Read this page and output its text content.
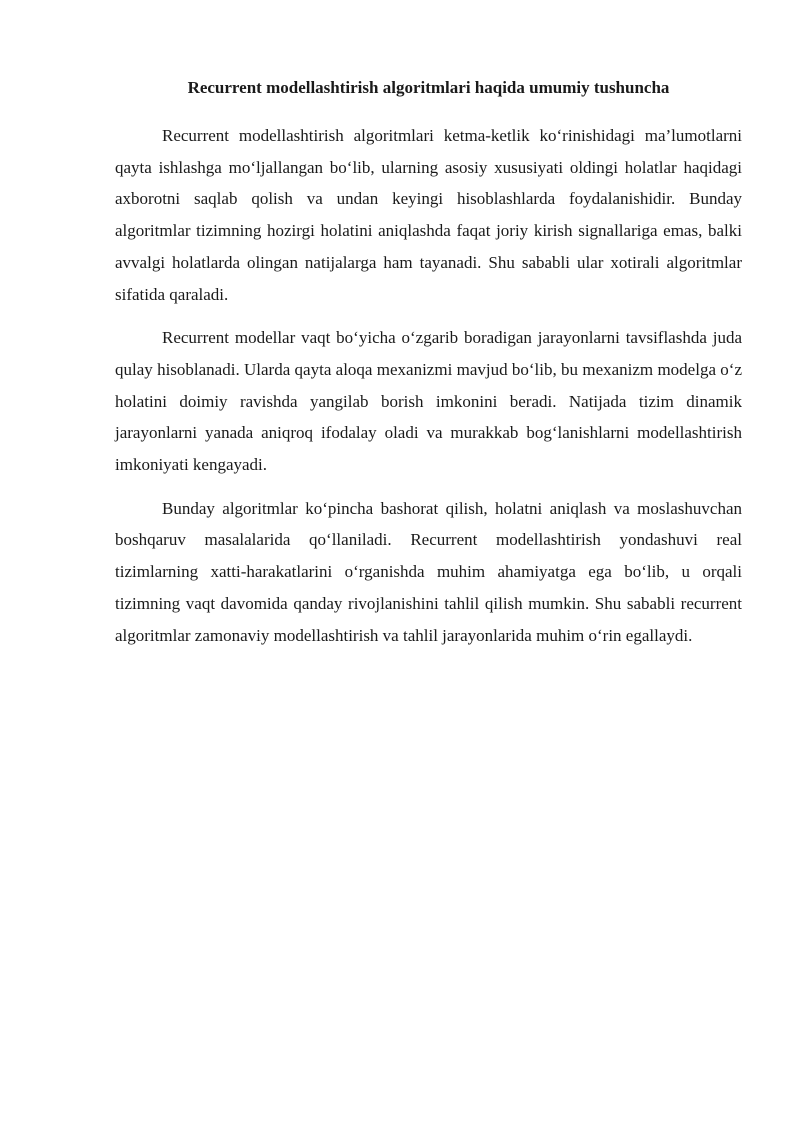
Recurrent modellashtirish algoritmlari haqida umumiy tushuncha

Recurrent modellashtirish algoritmlari ketma-ketlik ko‘rinishidagi ma’lumotlarni qayta ishlashga mo‘ljallangan bo‘lib, ularning asosiy xususiyati oldingi holatlar haqidagi axborotni saqlab qolish va undan keyingi hisoblashlarda foydalanishidir. Bunday algoritmlar tizimning hozirgi holatini aniqlashda faqat joriy kirish signallariga emas, balki avvalgi holatlarda olingan natijalarga ham tayanadi. Shu sababli ular xotirali algoritmlar sifatida qaraladi.

Recurrent modellar vaqt bo‘yicha o‘zgarib boradigan jarayonlarni tavsiflashda juda qulay hisoblanadi. Ularda qayta aloqa mexanizmi mavjud bo‘lib, bu mexanizm modelga o‘z holatini doimiy ravishda yangilab borish imkonini beradi. Natijada tizim dinamik jarayonlarni yanada aniqroq ifodalay oladi va murakkab bog‘lanishlarni modellashtirish imkoniyati kengayadi.

Bunday algoritmlar ko‘pincha bashorat qilish, holatni aniqlash va moslashuvchan boshqaruv masalalarida qo‘llaniladi. Recurrent modellashtirish yondashuvi real tizimlarning xatti-harakatlarini o‘rganishda muhim ahamiyatga ega bo‘lib, u orqali tizimning vaqt davomida qanday rivojlanishini tahlil qilish mumkin. Shu sababli recurrent algoritmlar zamonaviy modellashtirish va tahlil jarayonlarida muhim o‘rin egallaydi.
